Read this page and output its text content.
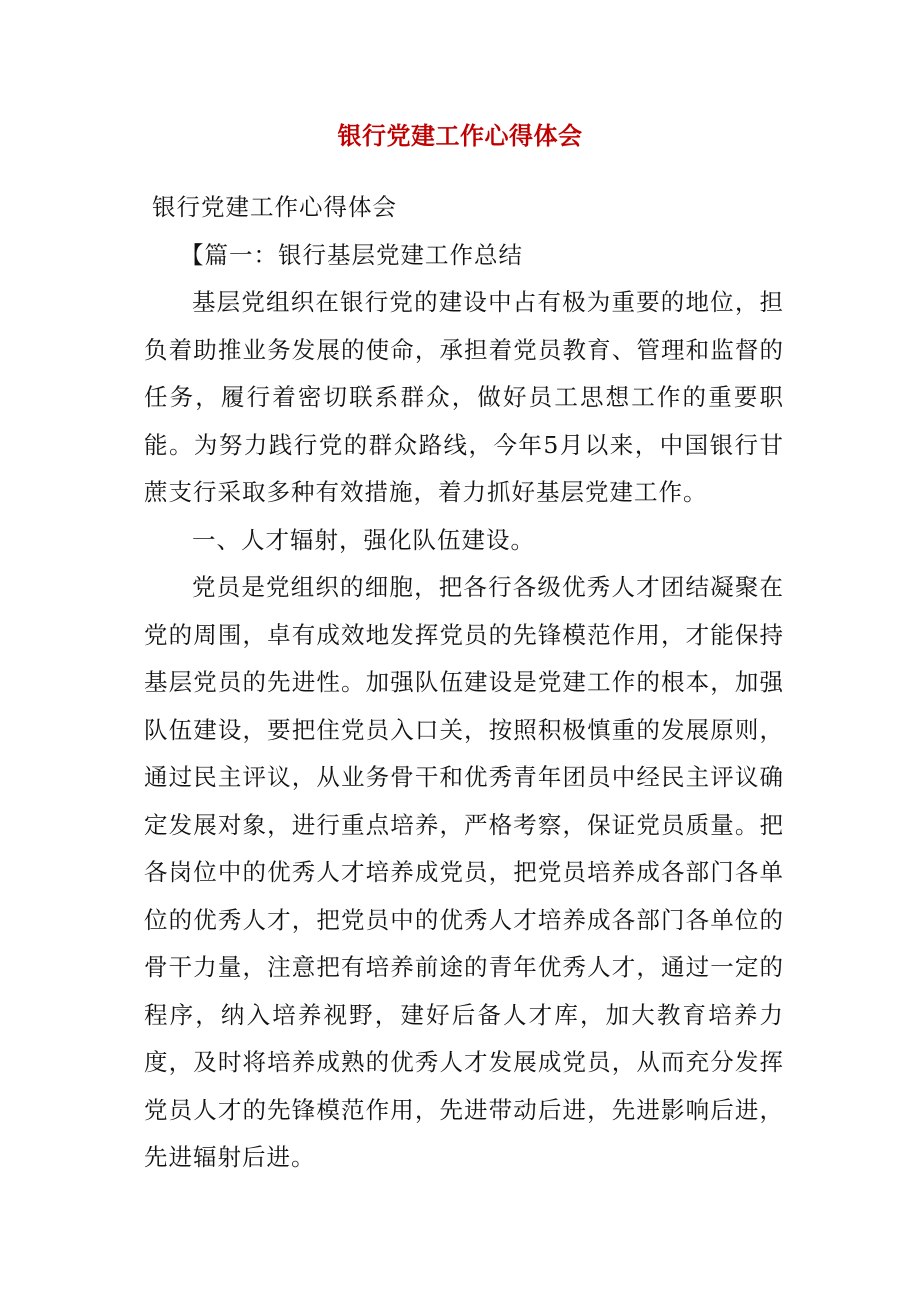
银行党建工作心得体会

银行党建工作心得体会

【篇一：银行基层党建工作总结

基层党组织在银行党的建设中占有极为重要的地位，担负着助推业务发展的使命，承担着党员教育、管理和监督的任务，履行着密切联系群众，做好员工思想工作的重要职能。为努力践行党的群众路线，今年5月以来，中国银行甘蔗支行采取多种有效措施，着力抓好基层党建工作。

一、人才辐射，强化队伍建设。

党员是党组织的细胞，把各行各级优秀人才团结凝聚在党的周围，卓有成效地发挥党员的先锋模范作用，才能保持基层党员的先进性。加强队伍建设是党建工作的根本，加强队伍建设，要把住党员入口关，按照积极慎重的发展原则，通过民主评议，从业务骨干和优秀青年团员中经民主评议确定发展对象，进行重点培养，严格考察，保证党员质量。把各岗位中的优秀人才培养成党员，把党员培养成各部门各单位的优秀人才，把党员中的优秀人才培养成各部门各单位的骨干力量，注意把有培养前途的青年优秀人才，通过一定的程序，纳入培养视野，建好后备人才库，加大教育培养力度，及时将培养成熟的优秀人才发展成党员，从而充分发挥党员人才的先锋模范作用，先进带动后进，先进影响后进，先进辐射后进。
